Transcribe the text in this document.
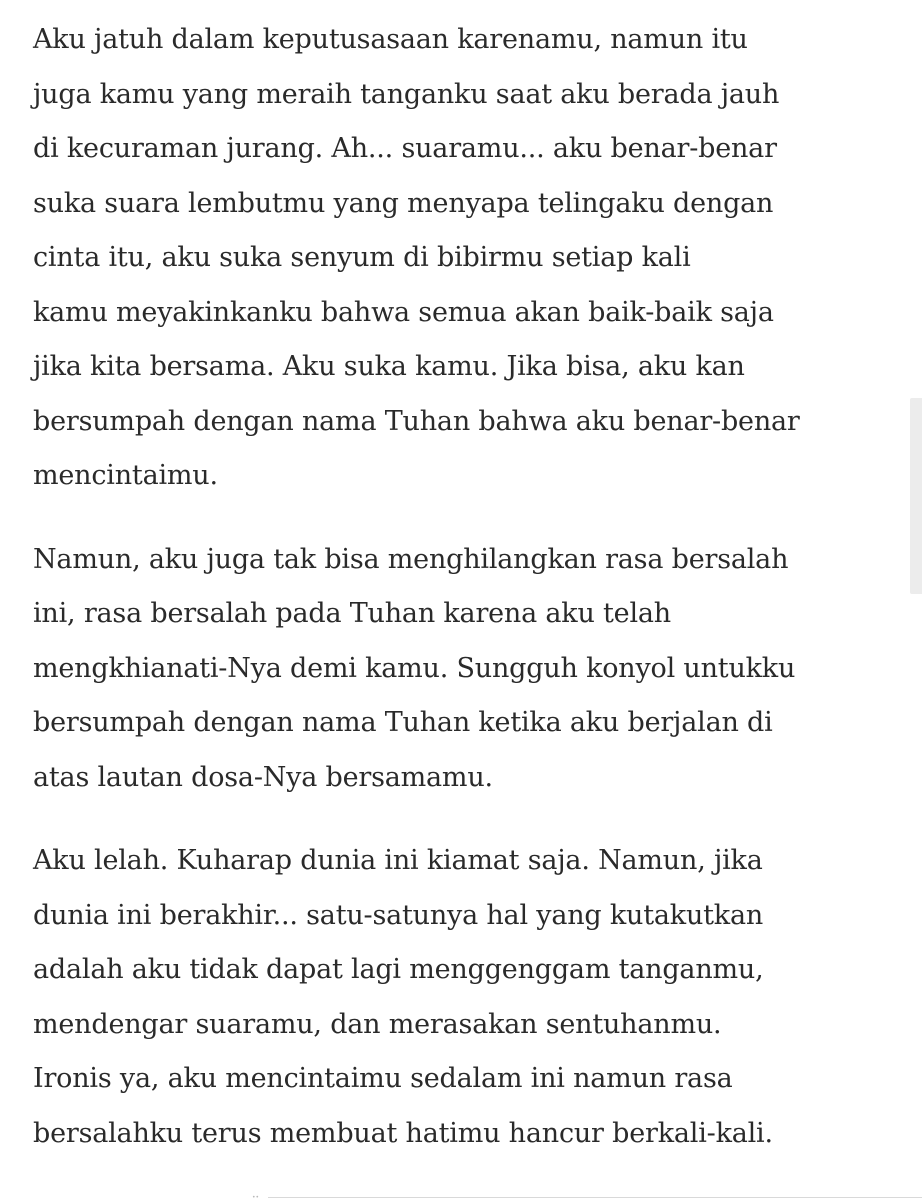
Aku jatuh dalam keputusasaan karenamu, namun itu
juga kamu yang meraih tanganku saat aku berada jauh
di kecuraman jurang. Ah... suaramu... aku benar-benar
suka suara lembutmu yang menyapa telingaku dengan
cinta itu, aku suka senyum di bibirmu setiap kali
kamu meyakinkanku bahwa semua akan baik-baik saja
jika kita bersama. Aku suka kamu. Jika bisa, aku kan
bersumpah dengan nama Tuhan bahwa aku benar-benar
mencintaimu.

Namun, aku juga tak bisa menghilangkan rasa bersalah
ini, rasa bersalah pada Tuhan karena aku telah
mengkhianati-Nya demi kamu. Sungguh konyol untukku
bersumpah dengan nama Tuhan ketika aku berjalan di
atas lautan dosa-Nya bersamamu.

Aku lelah. Kuharap dunia ini kiamat saja. Namun, jika
dunia ini berakhir... satu-satunya hal yang kutakutkan
adalah aku tidak dapat lagi menggenggam tanganmu,
mendengar suaramu, dan merasakan sentuhanmu.
Ironis ya, aku mencintaimu sedalam ini namun rasa
bersalahku terus membuat hatimu hancur berkali-kali.

••
